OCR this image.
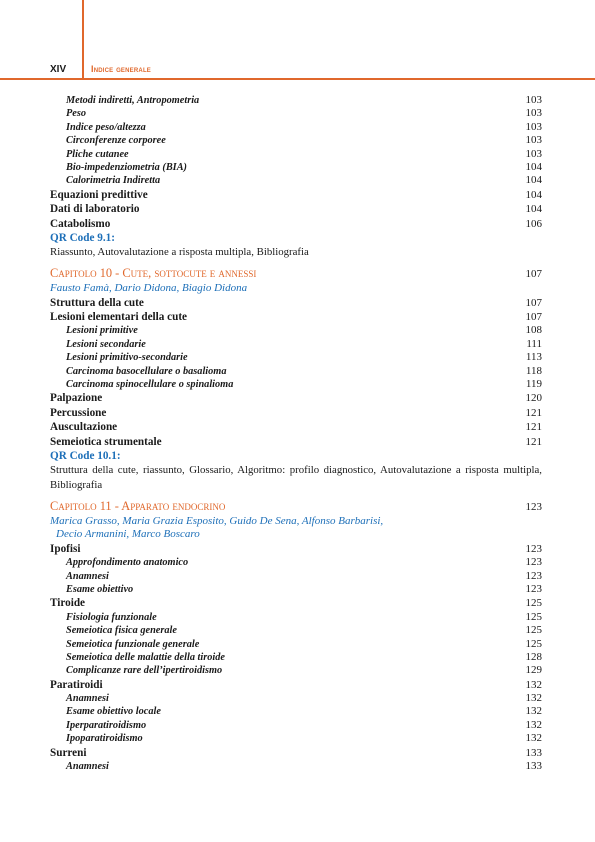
XIV	Indice generale
Metodi indiretti, Antropometria	103
Peso	103
Indice peso/altezza	103
Circonferenze corporee	103
Pliche cutanee	103
Bio-impedenziometria (BIA)	104
Calorimetria Indiretta	104
Equazioni predittive	104
Dati di laboratorio	104
Catabolismo	106
QR Code 9.1:
Riassunto, Autovalutazione a risposta multipla, Bibliografia
Capitolo 10 - Cute, sottocute e annessi	107
Fausto Famà, Dario Didona, Biagio Didona
Struttura della cute	107
Lesioni elementari della cute	107
Lesioni primitive	108
Lesioni secondarie	111
Lesioni primitivo-secondarie	113
Carcinoma basocellulare o basalioma	118
Carcinoma spinocellulare o spinalioma	119
Palpazione	120
Percussione	121
Auscultazione	121
Semeiotica strumentale	121
QR Code 10.1:
Struttura della cute, riassunto, Glossario, Algoritmo: profilo diagnostico, Autovalutazione a risposta multipla, Bibliografia
Capitolo 11 - Apparato endocrino	123
Marica Grasso, Maria Grazia Esposito, Guido De Sena, Alfonso Barbarisi,
Decio Armanini, Marco Boscaro
Ipofisi	123
Approfondimento anatomico	123
Anamnesi	123
Esame obiettivo	123
Tiroide	125
Fisiologia funzionale	125
Semeiotica fisica generale	125
Semeiotica funzionale generale	125
Semeiotica delle malattie della tiroide	128
Complicanze rare dell’ipertiroidismo	129
Paratiroidi	132
Anamnesi	132
Esame obiettivo locale	132
Iperparatiroidismo	132
Ipoparatiroidismo	132
Surreni	133
Anamnesi	133
